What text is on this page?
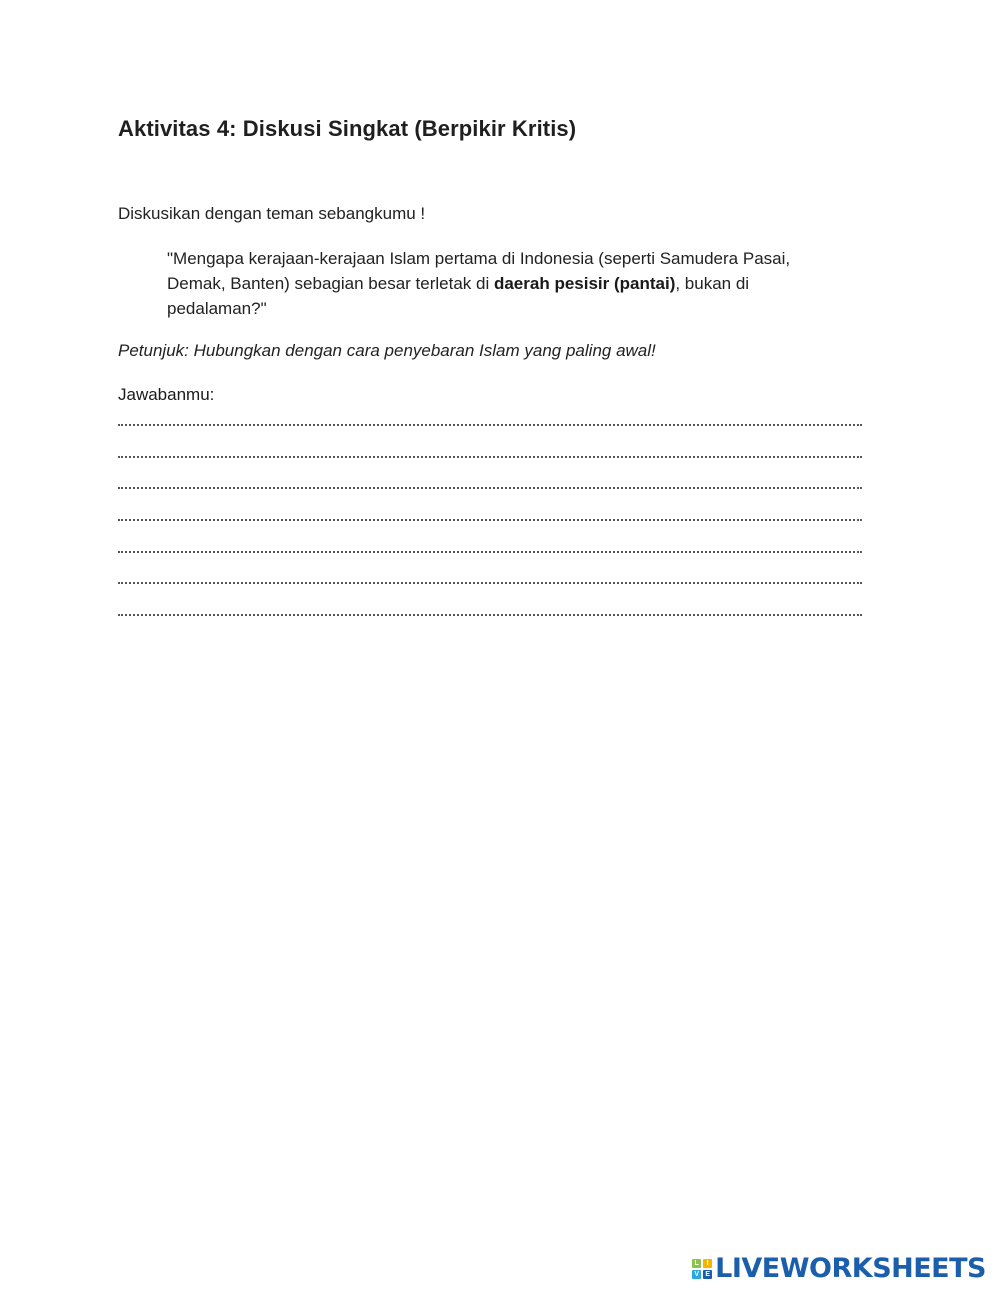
Aktivitas 4: Diskusi Singkat (Berpikir Kritis)

Diskusikan dengan teman sebangkumu !

"Mengapa kerajaan-kerajaan Islam pertama di Indonesia (seperti Samudera Pasai, Demak, Banten) sebagian besar terletak di daerah pesisir (pantai), bukan di pedalaman?"

Petunjuk: Hubungkan dengan cara penyebaran Islam yang paling awal!

Jawabanmu:

L	I
V E LIVEWORKSHEETS
